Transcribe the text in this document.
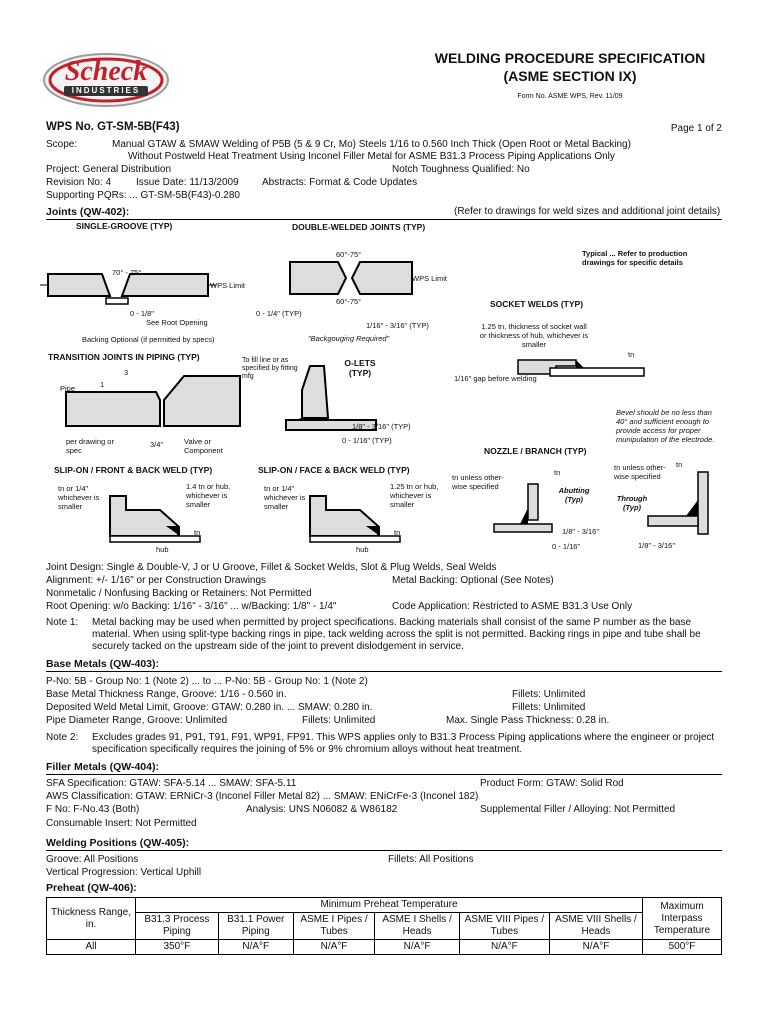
Scheck
INDUSTRIES
WELDING PROCEDURE SPECIFICATION
(ASME SECTION IX)
Form No. ASME WPS, Rev. 11/09
WPS No. GT-SM-5B(F43)	Page 1 of 2
Scope:	Manual GTAW & SMAW Welding of P5B (5 & 9 Cr, Mo) Steels 1/16 to 0.560 Inch Thick (Open Root or Metal Backing)
Without Postweld Heat Treatment Using Inconel Filler Metal for ASME B31.3 Process Piping Applications Only
Project: General Distribution	Notch Toughness Qualified: No
Revision No: 4 Issue Date: 11/13/2009 Abstracts: Format & Code Updates
Supporting PQRs: ... GT-SM-5B(F43)-0.280
Joints (QW-402):	(Refer to drawings for weld sizes and additional joint details)
SINGLE-GROOVE (TYP)	DOUBLE-WELDED JOINTS (TYP)
Typical ... Refer to production drawings for specific details
70° - 75°
WPS Limit
0 - 1/8"
See Root Opening
Backing Optional (if permitted by specs)
60°-75°
WPS Limit
60°-75°
0 - 1/4" (TYP)
1/16" - 3/16" (TYP)
"Backgouging Required"
SOCKET WELDS (TYP)
1.25 tn, thickness of socket wall or thickness of hub, whichever is smaller
tn
1/16" gap before welding
TRANSITION JOINTS IN PIPING (TYP)
3
1
Pipe
per drawing or spec
3/4"	Valve or Component
To fill line or as specified by fitting mfg
O-LETS (TYP)
1/8" - 3/16" (TYP)
0 - 1/16" (TYP)
Bevel should be no less than 40° and sufficient enough to provide access for proper munipulation of the electrode.
NOZZLE / BRANCH (TYP)
SLIP-ON / FRONT & BACK WELD (TYP)
tn or 1/4" whichever is smaller
1.4 tn or hub, whichever is smaller
tn
hub
SLIP-ON / FACE & BACK WELD (TYP)
tn or 1/4" whichever is smaller
1.25 tn or hub, whichever is smaller
tn
hub
tn unless other-wise specified
tn
Abutting (Typ)
1/8" - 3/16"
0 - 1/16"
tn unless other-wise specified
tn
Through (Typ)
1/8" - 3/16"
Joint Design: Single & Double-V, J or U Groove, Fillet & Socket Welds, Slot & Plug Welds, Seal Welds
Alignment: +/- 1/16" or per Construction Drawings	Metal Backing: Optional (See Notes)
Nonmetalic / Nonfusing Backing or Retainers: Not Permitted
Root Opening: w/o Backing: 1/16" - 3/16" ... w/Backing: 1/8" - 1/4"	Code Application: Restricted to ASME B31.3 Use Only
Note 1: Metal backing may be used when permitted by project specifications. Backing materials shall consist of the same P number as the base
material. When using split-type backing rings in pipe, tack welding across the split is not permitted. Backing rings in pipe and tube shall be
securely tacked on the upstream side of the joint to prevent dislodgement in service.
Base Metals (QW-403):
P-No: 5B - Group No: 1 (Note 2) ... to ... P-No: 5B - Group No: 1 (Note 2)
Base Metal Thickness Range, Groove: 1/16 - 0.560 in.	Fillets: Unlimited
Deposited Weld Metal Limit, Groove: GTAW: 0.280 in. ... SMAW: 0.280 in.	Fillets: Unlimited
Pipe Diameter Range, Groove: Unlimited	Fillets: Unlimited	Max. Single Pass Thickness: 0.28 in.
Note 2: Excludes grades 91, P91, T91, F91, WP91, FP91. This WPS applies only to B31.3 Process Piping applications where the engineer or project
specification specifically requires the joining of 5% or 9% chromium alloys without heat treatment.
Filler Metals (QW-404):
SFA Specification: GTAW: SFA-5.14 ... SMAW: SFA-5.11	Product Form: GTAW: Solid Rod
AWS Classification: GTAW: ERNiCr-3 (Inconel Filler Metal 82) ... SMAW: ENiCrFe-3 (Inconel 182)
F No: F-No.43 (Both)	Analysis: UNS N06082 & W86182	Supplemental Filler / Alloying: Not Permitted
Consumable Insert: Not Permitted
Welding Positions (QW-405):
Groove: All Positions	Fillets: All Positions
Vertical Progression: Vertical Uphill
Preheat (QW-406):
Thickness Range, in.	Minimum Preheat Temperature						Maximum Interpass Temperature
	B31.3 Process Piping	B31.1 Power Piping	ASME I Pipes / Tubes	ASME I Shells / Heads	ASME VIII Pipes / Tubes	ASME VIII Shells / Heads	
All	350°F	N/A°F	N/A°F	N/A°F	N/A°F	N/A°F	500°F
